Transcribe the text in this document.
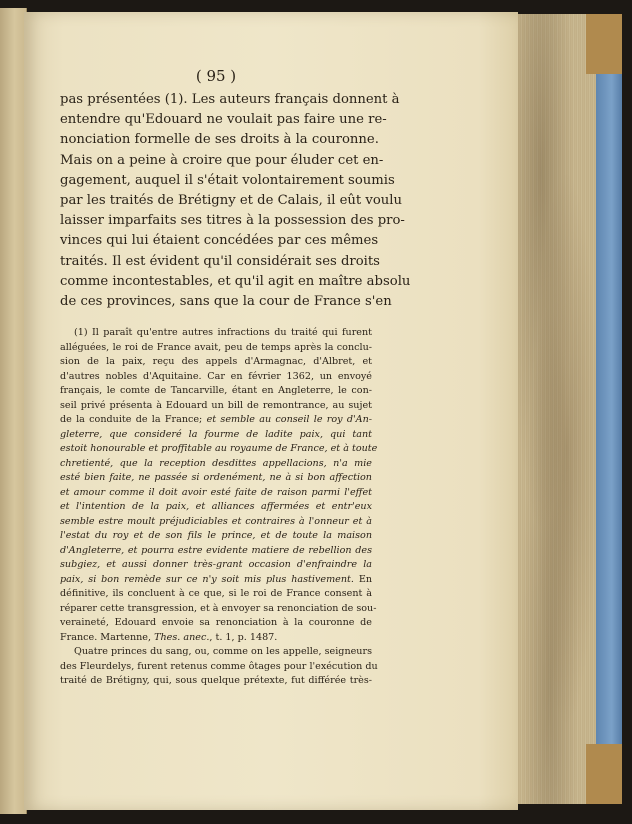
( 95 )

pas présentées (1). Les auteurs français donnent à
entendre qu'Edouard ne voulait pas faire une re-
nonciation formelle de ses droits à la couronne.
Mais on a peine à croire que pour éluder cet en-
gagement, auquel il s'était volontairement soumis
par les traités de Brétigny et de Calais, il eût voulu
laisser imparfaits ses titres à la possession des pro-
vinces qui lui étaient concédées par ces mêmes
traités. Il est évident qu'il considérait ses droits
comme incontestables, et qu'il agit en maître absolu
de ces provinces, sans que la cour de France s'en

(1) Il paraît qu'entre autres infractions du traité qui furent
alléguées, le roi de France avait, peu de temps après la conclu-
sion de la paix, reçu des appels d'Armagnac, d'Albret, et
d'autres nobles d'Aquitaine. Car en février 1362, un envoyé
français, le comte de Tancarville, étant en Angleterre, le con-
seil privé présenta à Edouard un bill de remontrance, au sujet
de la conduite de la France; et semble au conseil le roy d'An-
gleterre, que consideré la fourme de ladite paix, qui tant
estoit honourable et proffitable au royaume de France, et à toute
chretienté, que la reception desdittes appellacions, n'a mie
esté bien faite, ne passée si ordenément, ne à si bon affection
et amour comme il doit avoir esté faite de raison parmi l'effet
et l'intention de la paix, et alliances affermées et entr'eux
semble estre moult préjudiciables et contraires à l'onneur et à
l'estat du roy et de son fils le prince, et de toute la maison
d'Angleterre, et pourra estre evidente matiere de rebellion des
subgiez, et aussi donner très-grant occasion d'enfraindre la
paix, si bon remède sur ce n'y soit mis plus hastivement. En
définitive, ils concluent à ce que, si le roi de France consent à
réparer cette transgression, et à envoyer sa renonciation de sou-
veraineté, Edouard envoie sa renonciation à la couronne de
France. Martenne, Thes. anec., t. 1, p. 1487.
Quatre princes du sang, ou, comme on les appelle, seigneurs
des Fleurdelys, furent retenus comme ôtages pour l'exécution du
traité de Brétigny, qui, sous quelque prétexte, fut différée très-
